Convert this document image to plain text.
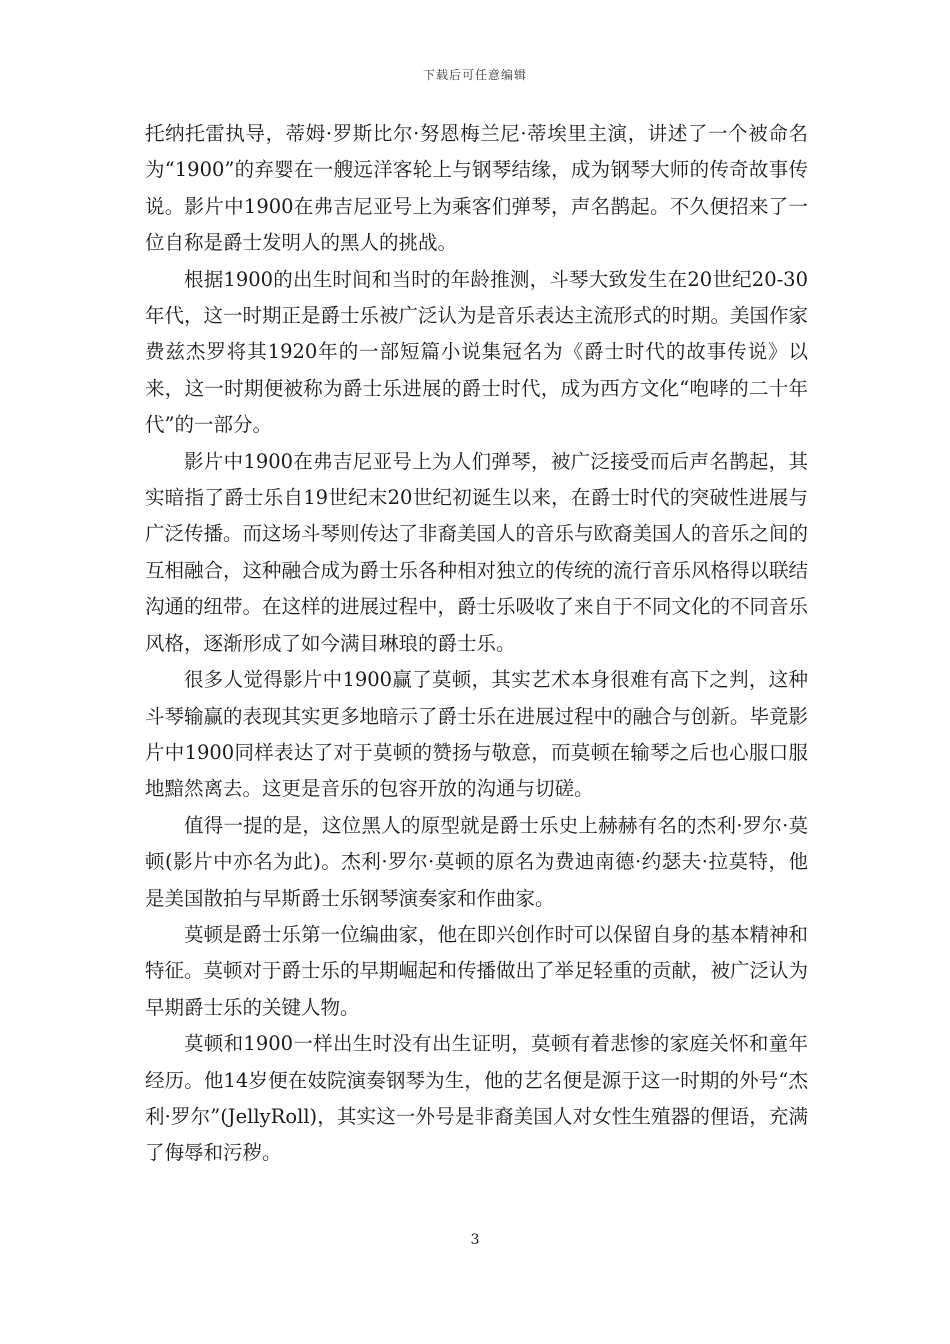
下载后可任意编辑

托纳托雷执导，蒂姆·罗斯比尔·努恩梅兰尼·蒂埃里主演，讲述了一个被命名为“1900”的弃婴在一艘远洋客轮上与钢琴结缘，成为钢琴大师的传奇故事传说。影片中1900在弗吉尼亚号上为乘客们弹琴，声名鹊起。不久便招来了一位自称是爵士发明人的黑人的挑战。

根据1900的出生时间和当时的年龄推测，斗琴大致发生在20世纪20-30年代，这一时期正是爵士乐被广泛认为是音乐表达主流形式的时期。美国作家费兹杰罗将其1920年的一部短篇小说集冠名为《爵士时代的故事传说》以来，这一时期便被称为爵士乐进展的爵士时代，成为西方文化“咆哮的二十年代”的一部分。

影片中1900在弗吉尼亚号上为人们弹琴，被广泛接受而后声名鹊起，其实暗指了爵士乐自19世纪末20世纪初诞生以来，在爵士时代的突破性进展与广泛传播。而这场斗琴则传达了非裔美国人的音乐与欧裔美国人的音乐之间的互相融合，这种融合成为爵士乐各种相对独立的传统的流行音乐风格得以联结沟通的纽带。在这样的进展过程中，爵士乐吸收了来自于不同文化的不同音乐风格，逐渐形成了如今满目琳琅的爵士乐。

很多人觉得影片中1900赢了莫顿，其实艺术本身很难有高下之判，这种斗琴输赢的表现其实更多地暗示了爵士乐在进展过程中的融合与创新。毕竟影片中1900同样表达了对于莫顿的赞扬与敬意，而莫顿在输琴之后也心服口服地黯然离去。这更是音乐的包容开放的沟通与切磋。

值得一提的是，这位黑人的原型就是爵士乐史上赫赫有名的杰利·罗尔·莫顿(影片中亦名为此)。杰利·罗尔·莫顿的原名为费迪南德·约瑟夫·拉莫特，他是美国散拍与早斯爵士乐钢琴演奏家和作曲家。

莫顿是爵士乐第一位编曲家，他在即兴创作时可以保留自身的基本精神和特征。莫顿对于爵士乐的早期崛起和传播做出了举足轻重的贡献，被广泛认为早期爵士乐的关键人物。

莫顿和1900一样出生时没有出生证明，莫顿有着悲惨的家庭关怀和童年经历。他14岁便在妓院演奏钢琴为生，他的艺名便是源于这一时期的外号“杰利·罗尔”(JellyRoll)，其实这一外号是非裔美国人对女性生殖器的俚语，充满了侮辱和污秽。

3
